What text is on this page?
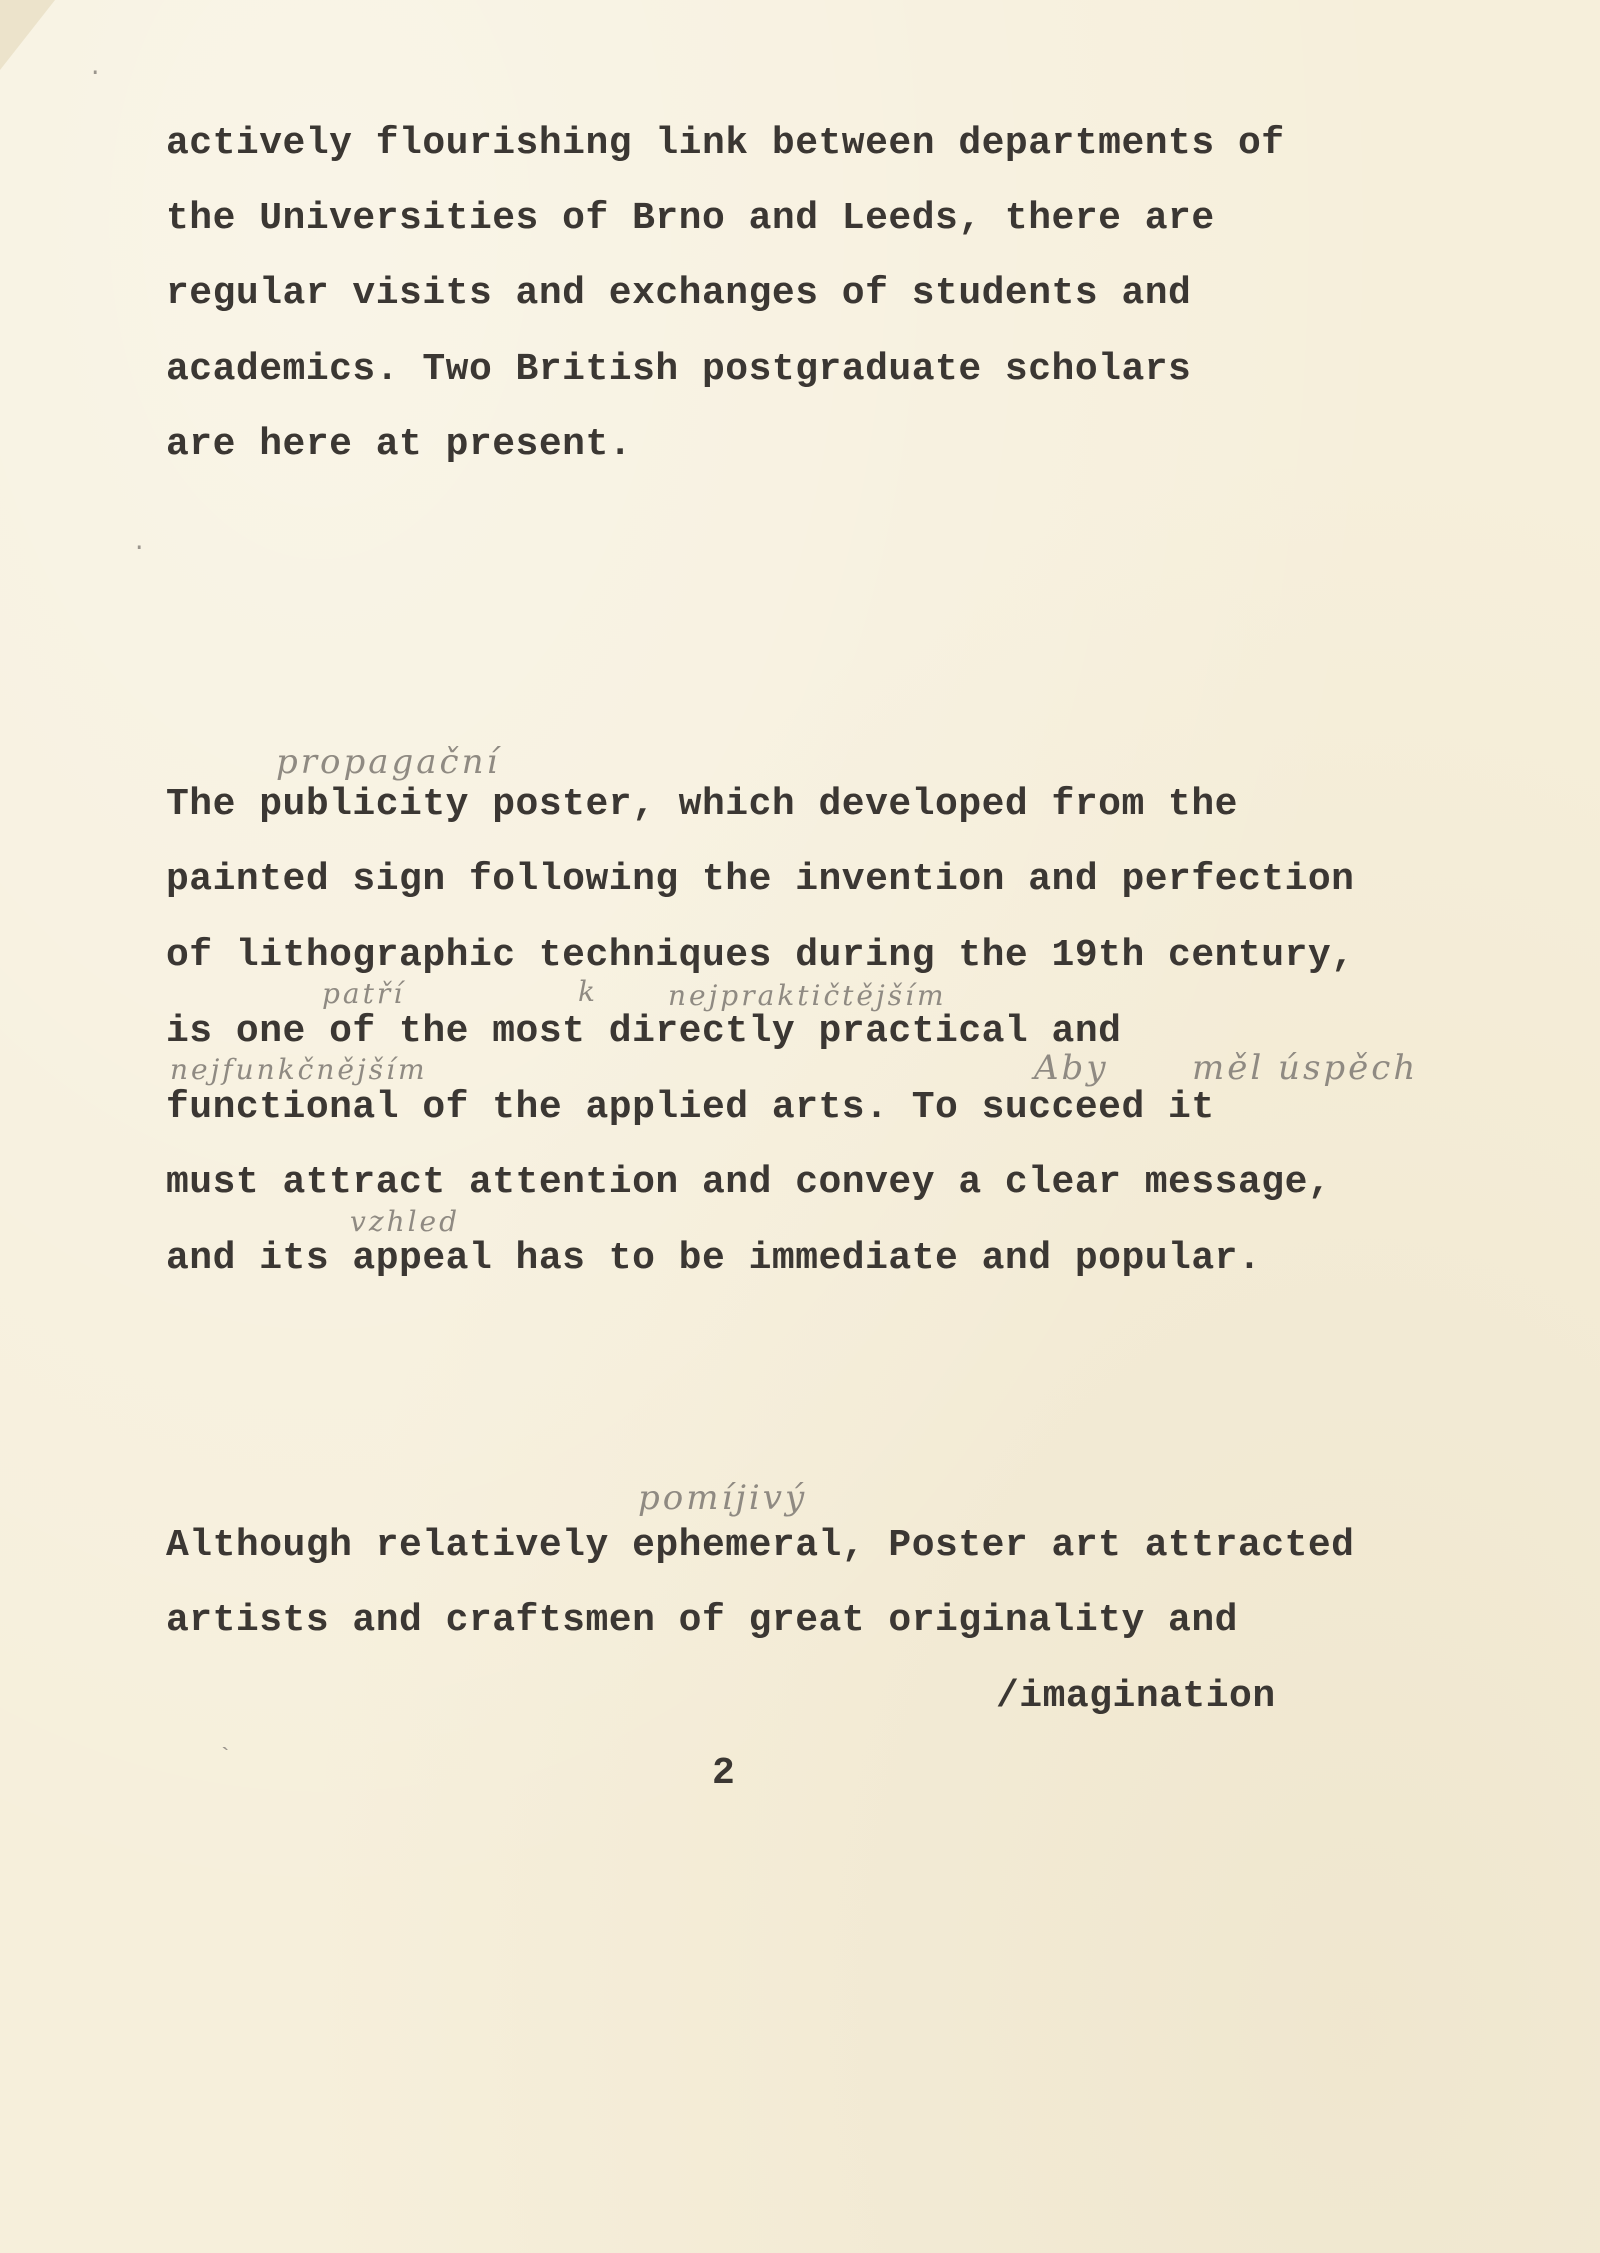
actively flourishing link between departments of
the Universities of Brno and Leeds, there are
regular visits and exchanges of students and
academics. Two British postgraduate scholars
are here at present.
.
.
propagační
The publicity poster, which developed from the
painted sign following the invention and perfection
of lithographic techniques during the 19th century,
patří	k	nejpraktičtějším
is one of the most directly practical and
nejfunkčnějším	Aby měl úspěch
functional of the applied arts. To succeed it
must attract attention and convey a clear message,
vzhled
and its appeal has to be immediate and popular.
pomíjivý
Although relatively ephemeral, Poster art attracted
artists and craftsmen of great originality and
/imagination
`	2
